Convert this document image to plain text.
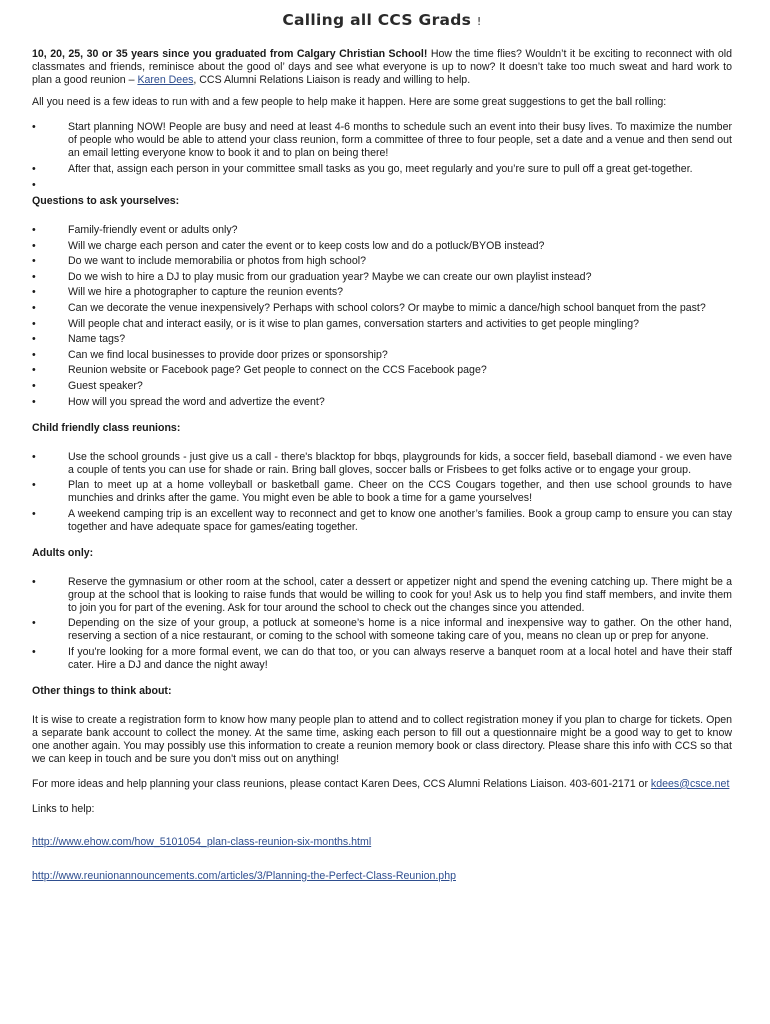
Calling all CCS Grads !

10, 20, 25, 30 or 35 years since you graduated from Calgary Christian School! How the time flies? Wouldn’t it be exciting to reconnect with old classmates and friends, reminisce about the good ol’ days and see what everyone is up to now? It doesn’t take too much sweat and hard work to plan a good reunion – Karen Dees, CCS Alumni Relations Liaison is ready and willing to help.

All you need is a few ideas to run with and a few people to help make it happen. Here are some great suggestions to get the ball rolling:

•	Start planning NOW! People are busy and need at least 4-6 months to schedule such an event into their busy lives. To maximize the number of people who would be able to attend your class reunion, form a committee of three to four people, set a date and a venue and then send out an email letting everyone know to book it and to plan on being there!
•	After that, assign each person in your committee small tasks as you go, meet regularly and you’re sure to pull off a great get-together.
•
Questions to ask yourselves:
•	Family-friendly event or adults only?
•	Will we charge each person and cater the event or to keep costs low and do a potluck/BYOB instead?
•	Do we want to include memorabilia or photos from high school?
•	Do we wish to hire a DJ to play music from our graduation year? Maybe we can create our own playlist instead?
•	Will we hire a photographer to capture the reunion events?
•	Can we decorate the venue inexpensively? Perhaps with school colors? Or maybe to mimic a dance/high school banquet from the past?
•	Will people chat and interact easily, or is it wise to plan games, conversation starters and activities to get people mingling?
•	Name tags?
•	Can we find local businesses to provide door prizes or sponsorship?
•	Reunion website or Facebook page? Get people to connect on the CCS Facebook page?
•	Guest speaker?
•	How will you spread the word and advertize the event?
Child friendly class reunions:
•	Use the school grounds - just give us a call - there's blacktop for bbqs, playgrounds for kids, a soccer field, baseball diamond - we even have a couple of tents you can use for shade or rain. Bring ball gloves, soccer balls or Frisbees to get folks active or to engage your group.
•	Plan to meet up at a home volleyball or basketball game. Cheer on the CCS Cougars together, and then use school grounds to have munchies and drinks after the game. You might even be able to book a time for a game yourselves!
•	A weekend camping trip is an excellent way to reconnect and get to know one another’s families. Book a group camp to ensure you can stay together and have adequate space for games/eating together.
Adults only:
•	Reserve the gymnasium or other room at the school, cater a dessert or appetizer night and spend the evening catching up. There might be a group at the school that is looking to raise funds that would be willing to cook for you! Ask us to help you find staff members, and invite them to join you for part of the evening. Ask for tour around the school to check out the changes since you attended.
•	Depending on the size of your group, a potluck at someone’s home is a nice informal and inexpensive way to gather. On the other hand, reserving a section of a nice restaurant, or coming to the school with someone taking care of you, means no clean up or prep for anyone.
•	If you're looking for a more formal event, we can do that too, or you can always reserve a banquet room at a local hotel and have their staff cater. Hire a DJ and dance the night away!
Other things to think about:

It is wise to create a registration form to know how many people plan to attend and to collect registration money if you plan to charge for tickets. Open a separate bank account to collect the money. At the same time, asking each person to fill out a questionnaire might be a good way to get to know one another again. You may possibly use this information to create a reunion memory book or class directory. Please share this info with CCS so that we can keep in touch and be sure you don't miss out on anything!

For more ideas and help planning your class reunions, please contact Karen Dees, CCS Alumni Relations Liaison. 403-601-2171 or kdees@csce.net

Links to help:
http://www.ehow.com/how_5101054_plan-class-reunion-six-months.html
http://www.reunionannouncements.com/articles/3/Planning-the-Perfect-Class-Reunion.php
